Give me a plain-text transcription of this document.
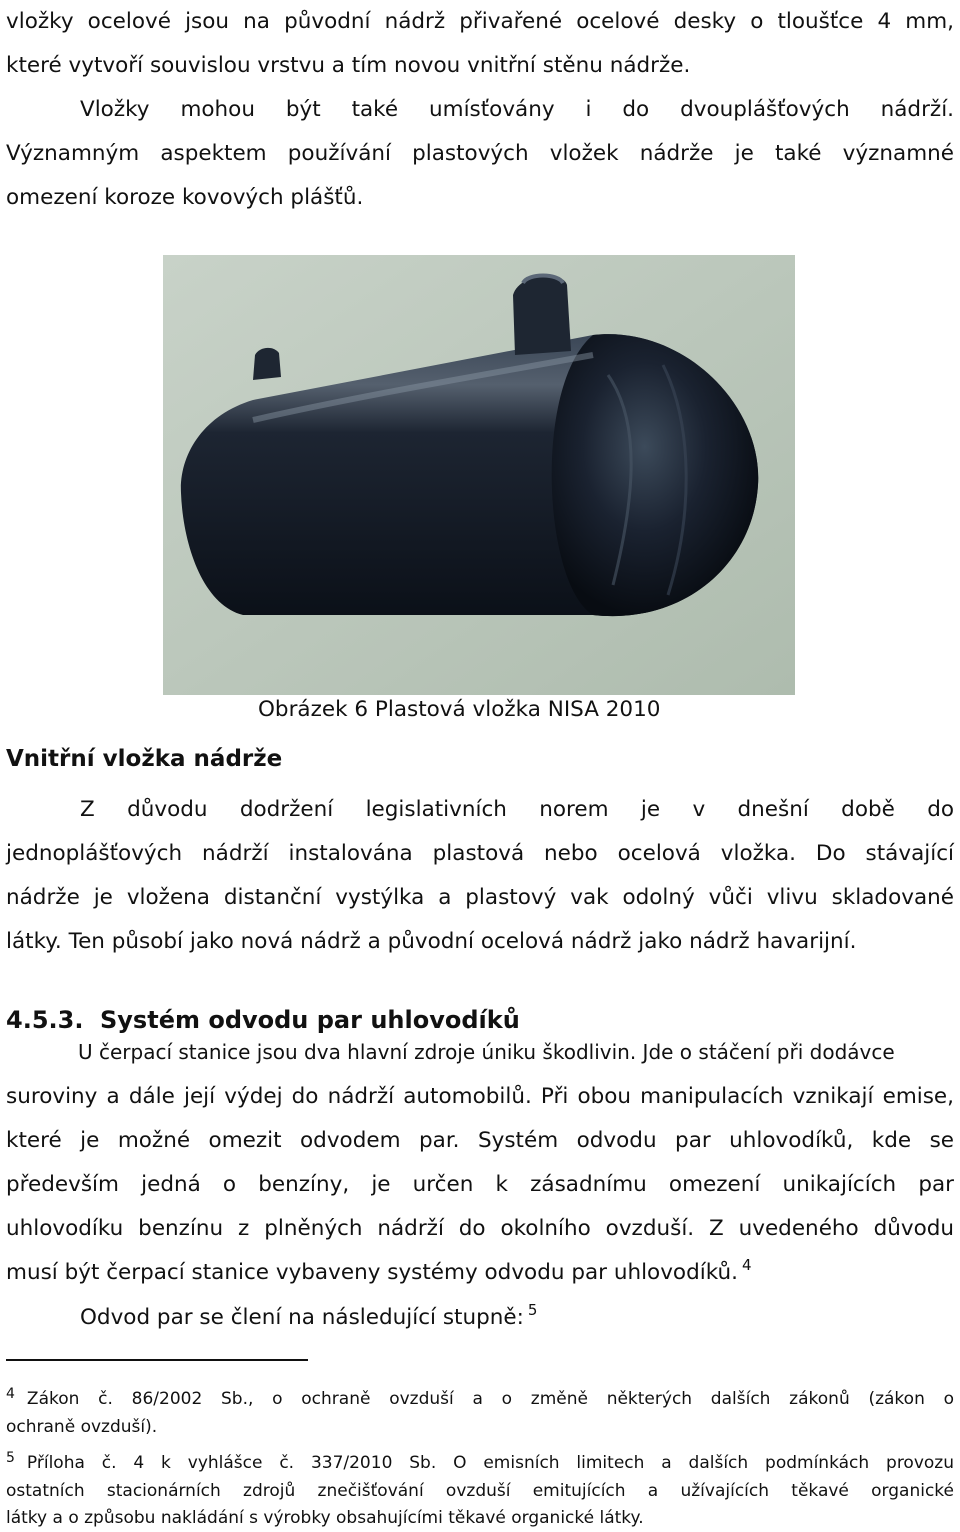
vložky ocelové jsou na původní nádrž přivařené ocelové desky o tloušťce 4 mm,
které vytvoří souvislou vrstvu a tím novou vnitřní stěnu nádrže.
Vložky mohou být také umísťovány i do dvouplášťových nádrží.
Významným aspektem používání plastových vložek nádrže je také významné
omezení koroze kovových plášťů.
Obrázek 6 Plastová vložka NISA 2010
Vnitřní vložka nádrže
Z důvodu dodržení legislativních norem je v dnešní době do
jednoplášťových nádrží instalována plastová nebo ocelová vložka. Do stávající
nádrže je vložena distanční vystýlka a plastový vak odolný vůči vlivu skladované
látky. Ten působí jako nová nádrž a původní ocelová nádrž jako nádrž havarijní.
4.5.3. Systém odvodu par uhlovodíků
U čerpací stanice jsou dva hlavní zdroje úniku škodlivin. Jde o stáčení při dodávce
suroviny a dále její výdej do nádrží automobilů. Při obou manipulacích vznikají emise,
které je možné omezit odvodem par. Systém odvodu par uhlovodíků, kde se
především jedná o benzíny, je určen k zásadnímu omezení unikajících par
uhlovodíku benzínu z plněných nádrží do okolního ovzduší. Z uvedeného důvodu
musí být čerpací stanice vybaveny systémy odvodu par uhlovodíků. $^4$
Odvod par se člení na následující stupně: $^5$
$^4$ Zákon č. 86/2002 Sb., o ochraně ovzduší a o změně některých dalších zákonů (zákon o
ochraně ovzduší).
$^5$ Příloha č. 4 k vyhlášce č. 337/2010 Sb. O emisních limitech a dalších podmínkách provozu
ostatních stacionárních zdrojů znečišťování ovzduší emitujících a užívajících těkavé organické
látky a o způsobu nakládání s výrobky obsahujícími těkavé organické látky.
